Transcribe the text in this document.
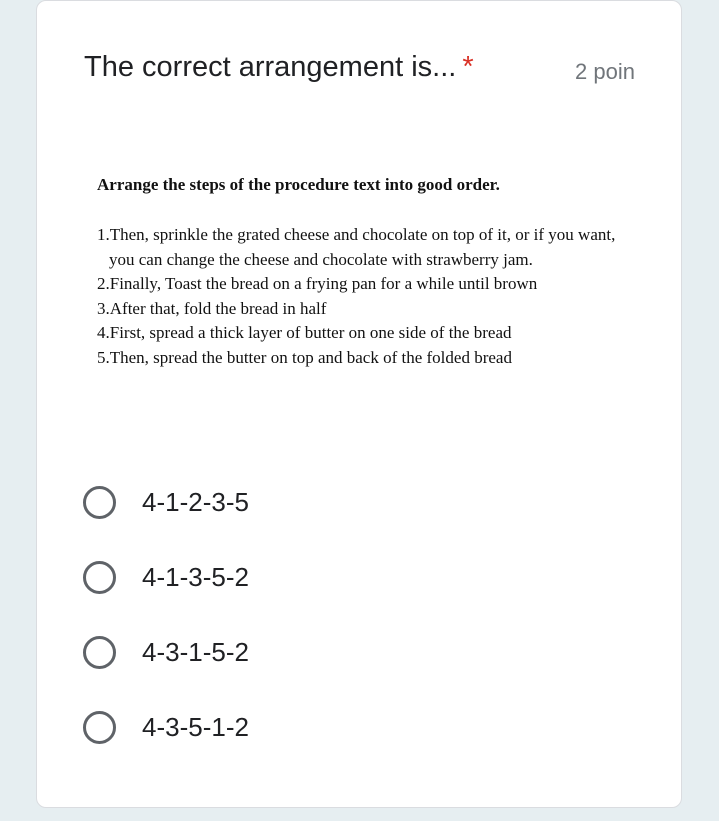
The correct arrangement is... *	2 poin

Arrange the steps of the procedure text into good order.

1.Then, sprinkle the grated cheese and chocolate on top of it, or if you want, you can change the cheese and chocolate with strawberry jam.
2.Finally, Toast the bread on a frying pan for a while until brown
3.After that, fold the bread in half
4.First, spread a thick layer of butter on one side of the bread
5.Then, spread the butter on top and back of the folded bread
4-1-2-3-5
4-1-3-5-2
4-3-1-5-2
4-3-5-1-2
